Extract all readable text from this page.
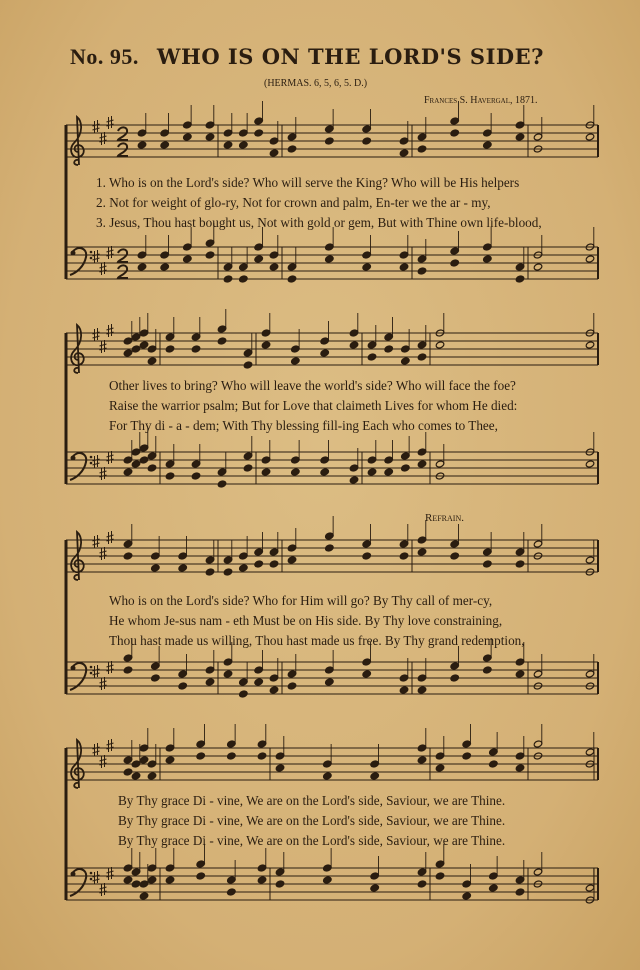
No. 95. WHO IS ON THE LORD'S SIDE?
(HERMAS. 6, 5, 6, 5. D.)
Frances S. Havergal, 1871.
Refrain.
1. Who is on the Lord's side? Who will serve the King? Who will be His helpers
2. Not for weight of glo-ry, Not for crown and palm, En-ter we the ar - my,
3. Jesus, Thou hast bought us, Not with gold or gem, But with Thine own life-blood,
Other lives to bring? Who will leave the world's side? Who will face the foe?
Raise the warrior psalm; But for Love that claimeth Lives for whom He died:
For Thy di - a - dem; With Thy blessing fill-ing Each who comes to Thee,
Who is on the Lord's side? Who for Him will go? By Thy call of mer-cy,
He whom Je-sus nam - eth Must be on His side. By Thy love constraining,
Thou hast made us willing, Thou hast made us free. By Thy grand redemption,
By Thy grace Di - vine, We are on the Lord's side, Saviour, we are Thine.
By Thy grace Di - vine, We are on the Lord's side, Saviour, we are Thine.
By Thy grace Di - vine, We are on the Lord's side, Saviour, we are Thine.
